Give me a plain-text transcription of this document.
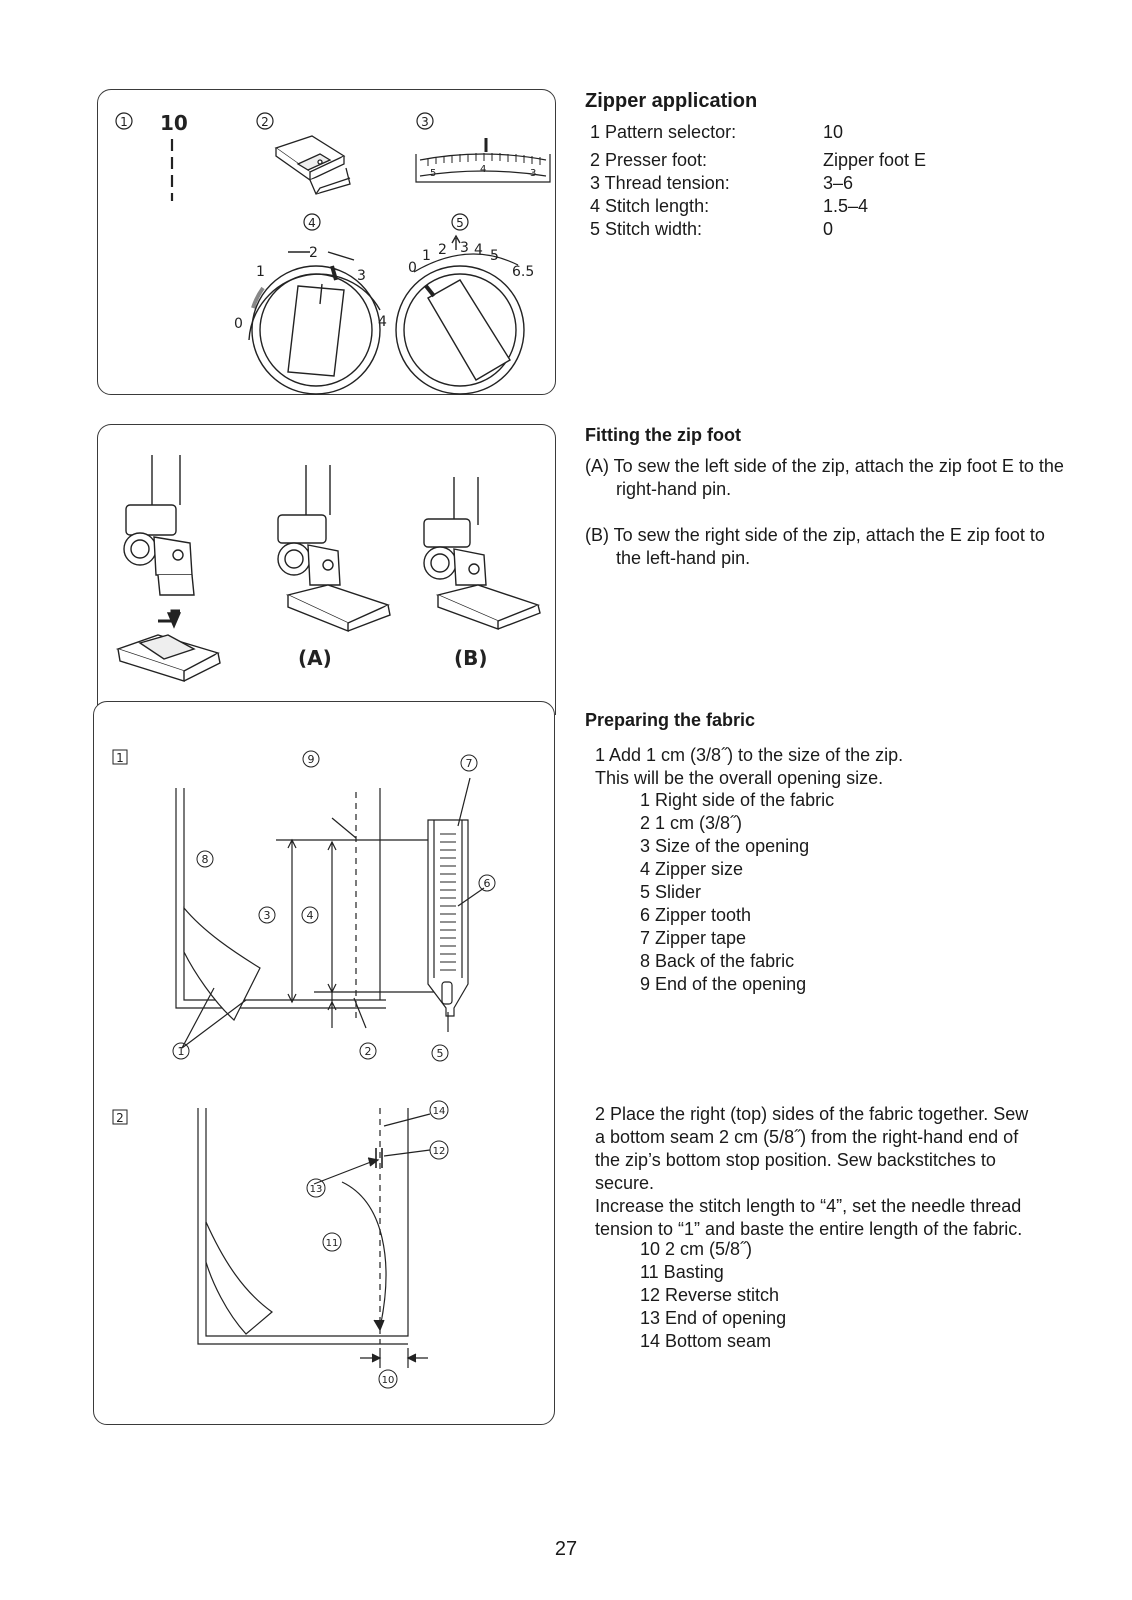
1	2	3
4	5
10
5	4	3
0
1
2
3
4
0
1 2 3 4 5
6.5
Zipper application
1 Pattern selector:	10
2 Presser foot:	Zipper foot E
3 Thread tension:	3–6
4 Stitch length:	1.5–4
5 Stitch width:	0
(A)	(B)
Fitting the zip foot
(A) To sew the left side of the zip, attach the zip foot E to the right-hand pin.
(B) To sew the right side of the zip, attach the E zip foot to the left-hand pin.
1	9	7
8
6
3	4
1	2	5
2	14
12
13
11
10
Preparing the fabric
1 Add 1 cm (3/8˝) to the size of the zip.
This will be the overall opening size.
1 Right side of the fabric
2 1 cm (3/8˝)
3 Size of the opening
4 Zipper size
5 Slider
6 Zipper tooth
7 Zipper tape
8 Back of the fabric
9 End of the opening
2 Place the right (top) sides of the fabric together. Sew
a bottom seam 2 cm (5/8˝) from the right-hand end of
the zip’s bottom stop position. Sew backstitches to
secure.
Increase the stitch length to “4”, set the needle thread
tension to “1” and baste the entire length of the fabric.
10 2 cm (5/8˝)
11 Basting
12 Reverse stitch
13 End of opening
14 Bottom seam
27
